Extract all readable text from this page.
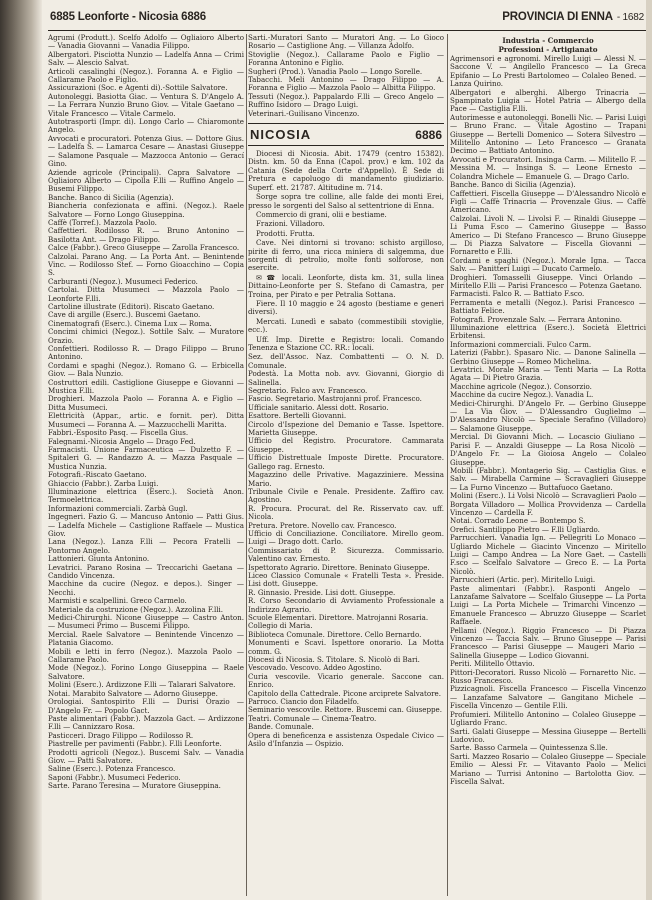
6885 Leonforte - Nicosia 6886	PROVINCIA DI ENNA - 1682

Agrumi (Produtt.). Scelfo Adolfo — Ogliaioro Alberto — Vanadia Giovanni — Vanadia Filippo.

Albergatori. Pisciotta Nunzio — Ladelfa Anna — Crimi Salv. — Alescio Salvat.

Articoli casalinghi (Negoz.). Foranna A. e Figlio — Callarame Paolo e Figlio.

Assicurazioni (Soc. e Agenti di).-Sottile Salvatore.

Autonoleggi. Basiotta Giac. — Ventura S. D'Angelo A. — La Ferrara Nunzio Bruno Giov. — Vitale Gaetano — Vitale Francesco — Vitale Carmelo.

Autotrasporti (Impr. di). Longo Carlo — Chiaromonte Angelo.

Avvocati e procuratori. Potenza Gius. — Dottore Gius. — Ladelfa S. — Lamarca Cesare — Anastasi Giuseppe — Salamone Pasquale — Mazzocca Antonio — Gerací Gino.

Aziende agricole (Principali). Capra Salvatore — Ogliaioro Alberto — Cipolla F.lli — Ruffino Angelo — Busemi Filippo.

Banche. Banco di Sicilia (Agenzia).

Biancheria confezionata e affini. (Negoz.). Raele Salvatore — Forno Longo Giuseppina.

Caffè (Torref.). Mazzola Paolo.

Caffettieri. Rodilosso R. — Bruno Antonino — Basilotta Ant. — Drago Filippo.

Calce (Fabbr.). Greco Giuseppe — Zarolla Francesco.

Calzolai. Parano Ang. — La Porta Ant. — Benintende Vinc. — Rodilosso Stef. — Forno Gioacchino — Copia S.

Carburanti (Negoz.). Musumeci Federico.

Cartolai. Ditta Musumeci — Mazzola Paolo — Leonforte F.lli.

Cartoline illustrate (Editori). Riscato Gaetano.

Cave di argille (Eserc.). Buscemi Gaetano.

Cinematografi (Eserc.). Cinema Lux — Roma.

Concimi chimici (Negoz.). Sottile Salv. — Muratore Orazio.

Confettieri. Rodilosso R. — Drago Filippo — Bruno Antonino.

Cordami e spaghi (Negoz.). Romano G. — Erbicella Giov. — Bala Nunzio.

Costruttori edili. Castiglione Giuseppe e Giovanni — Mustica F.lli.

Droghieri. Mazzola Paolo — Foranna A. e Figlio — Ditta Musumeci.

Elettricità (Appar., artic. e fornit. per). Ditta Musumeci — Foranna A. — Mazzucchelli Maritta.

Fabbri.-Esposito Pasq. — Fiscella Gius.

Falegnami.-Nicosia Angelo — Drago Fed.

Farmacisti. Unione Farmaceutica — Dulzetto F. — Spitaleri G. — Randazzo A. — Mazza Pasquale — Mustica Nunzia.

Fotografi.-Riscato Gaetano.

Ghiaccio (Fabbr.). Zarba Luigi.

Illuminazione elettrica (Eserc.). Società Anon. Termoelettrica.

Informazioni commerciali. Zarbà Gugl.

Ingegneri. Fazio G. — Mancuso Antonio — Patti Gius. — Ladelfa Michele — Castiglione Raffaele — Mustica Giov.

Lana (Negoz.). Lanza F.lli — Pecora Fratelli — Pontorno Angelo.

Lattonieri. Giunta Antonino.

Levatrici. Parano Rosina — Treccarichi Gaetana — Candido Vincenza.

Macchine da cucire (Negoz. e depos.). Singer — Necchi.

Marmisti e scalpellini. Greco Carmelo.

Materiale da costruzione (Negoz.). Azzolina F.lli.

Medici-Chirurghi. Nicone Giuseppe — Castro Anton. — Musumeci Primo — Buscemi Filippo.

Mercial. Raele Salvatore — Benintende Vincenzo — Platania Giacomo.

Mobili e letti in ferro (Negoz.). Mazzola Paolo — Callarame Paolo.

Mode (Negoz.). Forino Longo Giuseppina — Raele Salvatore.

Molini (Eserc.). Ardizzone F.lli — Talarari Salvatore.

Notai. Marabito Salvatore — Adorno Giuseppe.

Orologiai. Santospirito F.lli — Durisi Orazio — D'Angelo Fr. — Popolo Gact.

Paste alimentari (Fabbr.). Mazzola Gact. — Ardizzone F.lli — Cannizzaro Rosa.

Pasticceri. Drago Filippo — Rodilosso R.

Piastrelle per pavimenti (Fabbr.). F.lli Leonforte.

Prodotti agricoli (Negoz.). Buscemi Salv. — Vanadia Giov. — Patti Salvatore.

Saline (Eserc.). Potenza Francesco.

Saponi (Fabbr.). Musumeci Federico.

Sarte. Parano Teresina — Muratore Giuseppina.

Sarti.-Muratori Santo — Muratori Ang. — Lo Gioco Rosario — Castiglione Ang. — Villanza Adolfo.

Stoviglie (Negoz.). Callarame Paolo e Figlio — Foranna Antonino e Figlio.

Sugheri (Prod.). Vanadia Paolo — Longo Sorelle.

Tabacchi. Meli Antonino — Drago Filippo — A. Foranna e Figlio — Mazzola Paolo — Albitta Filippo.

Tessuti (Negoz.). Pappalardo F.lli — Greco Angelo — Ruffino Isidoro — Drago Luigi.

Veterinari.-Guilisano Vincenzo.

NICOSIA	6886

Diocesi di Nicosia. Abit. 17479 (centro 15382). Distn. km. 50 da Enna (Capol. prov.) e km. 102 da Catania (Sede della Corte d'Appello). È Sede di Pretura e capoluogo di mandamento giudiziario. Superf. ett. 21787. Altitudine m. 714.

Sorge sopra tre colline, alle falde dei monti Erei, presso le sorgenti del Salso al settentrione di Enna.

Commercio di grani, olii e bestiame.

Frazioni. Villadoro.

Prodotti. Frutta.

Cave. Nei dintorni si trovano: schisto argilloso, pirite di ferro, una ricca miniera di salgemma, due sorgenti di petrolio, molte fonti solforose, non esercite.

✉ ☎ locali. Leonforte, dista km. 31, sulla linea Dittaino-Leonforte per S. Stefano di Camastra, per Troina, per Pirato e per Petralia Sottana.

Fiere. Il 10 maggio e 24 agosto (bestiame e generi diversi).

Mercati. Lunedì e sabato (commestibili stoviglie, ecc.).

Uff. Imp. Dirette e Registro: locali. Comando Tenenza e Stazione CC. RR.: locali.

Sez. dell'Assoc. Naz. Combattenti — O. N. D. Comunale.

Podestà. La Motta nob. avv. Giovanni, Giorgio di Salinella.

Segretario. Falco avv. Francesco.

Fascio. Segretario. Mastrojanni prof. Francesco.

Ufficiale sanitario. Alessi dott. Rosario.

Esattore. Bertelli Giovanni.

Circolo d'Ispezione del Demanio e Tasse. Ispettore. Marietta Giuseppe.

Ufficio del Registro. Procuratore. Cammarata Giuseppe.

Ufficio Distrettuale Imposte Dirette. Procuratore. Gallego rag. Ernesto.

Magazzino delle Privative. Magazziniere. Messina Mario.

Tribunale Civile e Penale. Presidente. Zaffiro cav. Agostino.

R. Procura. Procurat. del Re. Risservato cav. uff. Nicola.

Pretura. Pretore. Novello cav. Francesco.

Ufficio di Conciliazione. Conciliatore. Mirello geom. Luigi — Drago dott. Carlo.

Commissariato di P. Sicurezza. Commissario. Valentino cav. Ernesto.

Ispettorato Agrario. Direttore. Beninato Giuseppe.

Liceo Classico Comunale « Fratelli Testa ». Preside. Lisi dott. Giuseppe.

R. Ginnasio. Preside. Lisi dott. Giuseppe.

R. Corso Secondario di Avviamento Professionale a Indirizzo Agrario.

Scuole Elementari. Direttore. Matrojanni Rosaria.

Collegio di Maria.

Biblioteca Comunale. Direttore. Cello Bernardo.

Monumenti e Scavi. Ispettore onorario. La Motta comm. G.

Diocesi di Nicosia. S. Titolare. S. Nicolò di Bari.

Vescovado. Vescovo. Addeo Agostino.

Curia vescovile. Vicario generale. Saccone can. Enrico.

Capitolo della Cattedrale. Picone arciprete Salvatore.

Parroco. Ciancio don Filadelfo.

Seminario vescovile. Rettore. Buscemi can. Giuseppe.

Teatri. Comunale — Cinema-Teatro.

Bande. Comunale.

Opera di beneficenza e assistenza Ospedale Civico — Asilo d'Infanzia — Ospizio.

Industria - Commercio
Professioni - Artigianato

Agrimensori e agronomi. Mirello Luigi — Alessi N. — Saccone V. — Angilello Francesco — La Greca Epifanio — Lo Presti Bartolomeo — Colaleo Bened. — Lanza Quirino.

Albergatori e alberghi. Albergo Trinacria — Spampinato Luigia — Hotel Patria — Albergo della Pace — Castiglia F.lli.

Autorimesse e autonoleggi. Bonelli Nic. — Parisi Luigi — Bruno Franc. — Vitale Agostino — Trapani Giuseppe — Bertelli Domenico — Sotera Silvestro — Militello Antonino — Leto Francesco — Granata Decimo — Battiato Antonino.

Avvocati e Procuratori. Insinga Carm. — Militello F. — Messina M. — Insinga S. — Leone Ernesto — Colandra Michele — Emanuele G. — Drago Carlo.

Banche. Banco di Sicilia (Agenzia).

Caffettieri. Fiscella Giuseppe — D'Alessandro Nicolò e Figli — Caffè Trinacria — Provenzale Gius. — Caffè Americano.

Calzolai. Livoli N. — Livolsi F. — Rinaldi Giuseppe — Li Puma F.sco — Camerino Giuseppe — Basso Americo — Di Stefano Francesco — Bruno Giuseppe — Di Piazza Salvatore — Fiscella Giovanni — Fornaretto e F.lli.

Cordami e spaghi (Negoz.). Morale Igna. — Tacca Salv. — Panitteri Luigi — Ducato Carmelo.

Droghieri. Tomasselli Giuseppe. Vinci Orlando — Miritello F.lli — Parisi Francesco — Potenza Gaetano.

Farmacisti. Falco R. — Battiato F.sco.

Ferramenta e metalli (Negoz.). Parisi Francesco — Battiato Felice.

Fotografi. Provenzale Salv. — Ferrara Antonino.

Illuminazione elettrica (Eserc.). Società Elettrici Erbitensi.

Informazioni commerciali. Fulco Carm.

Laterizi (Fabbr.). Spasaro Nic. — Danone Salinella — Gerbino Giuseppe — Romeo Michelina.

Levatrici. Morale Maria — Tenti Maria — La Rotta Agata — Di Pietro Grazia.

Macchine agricole (Negoz.). Consorzio.

Macchine da cucire Negoz.). Vanadia L.

Medici-Chirurghi. D'Angelo Fr. — Gerbino Giuseppe — La Via Giov. — D'Alessandro Guglielmo — D'Alessandro Nicolò — Speciale Serafino (Villadoro) — Salamone Giuseppe.

Mercial. Di Giovanni Mich. — Locascio Giuliano — Parisi F. — Anzaldi Giuseppe — La Rosa Nicolò — D'Angelo Fr. — La Gioiosa Angelo — Colaleo Giuseppe.

Mobili (Fabbr.). Montagerio Sig. — Castiglia Gius. e Salv. — Mirabella Carmine — Scravaglieri Giuseppe — La Furno Vincenzo — Buttafuoco Gaetano.

Molini (Eserc.). Li Volsi Nicolò — Scravaglieri Paolo — Borgata Villadoro — Mollica Provvidenza — Cardella Vincenzo — Cardella F.

Notai. Corrado Leone — Bontempo S.

Orefici. Santilippo Pietro — F.lli Ugliardo.

Parrucchieri. Vanadia Ign. — Pellegriti Lo Monaco — Ugliardo Michele — Giacinto Vincenzo — Miritello Luigi — Campo Andrea — La Nore Gaet. — Castelli F.sco — Scelfalo Salvatore — Greco E. — La Porta Nicolò.

Parrucchieri (Artic. per). Miritello Luigi.

Paste alimentari (Fabbr.). Rasponti Angelo — Lanzafame Salvatore — Scelfalo Giuseppe — La Porta Luigi — La Porta Michele — Trimarchi Vincenzo — Emanuele Francesco — Abruzzo Giuseppe — Scarlet Raffaele.

Pellami (Negoz.). Riggio Francesco — Di Piazza Vincenzo — Taccia Salv. — Bruno Giuseppe — Parisi Francesco — Parisi Giuseppe — Maugeri Mario — Salinella Giuseppe — Lodico Giovanni.

Periti. Militello Ottavio.

Pittori-Decoratori. Russo Nicolò — Fornaretto Nic. — Russo Francesco.

Pizzicagnoli. Fiscella Francesco — Fiscella Vincenzo — Lanzafame Salvatore — Gangitano Michele — Fiscella Vincenzo — Gentile F.lli.

Profumieri. Militello Antonino — Colaleo Giuseppe — Ugliardo Franc.

Sarti. Galati Giuseppe — Messina Giuseppe — Bertelli Ludovico.

Sarte. Basso Carmela — Quintessenza S.lle.

Sarti. Mazzeo Rosario — Colaleo Giuseppe — Speciale Emilio — Alessi Fr. — Vitavanto Paolo — Melici Mariano — Turrisi Antonino — Bartolotta Giov. — Fiscella Salvat.
